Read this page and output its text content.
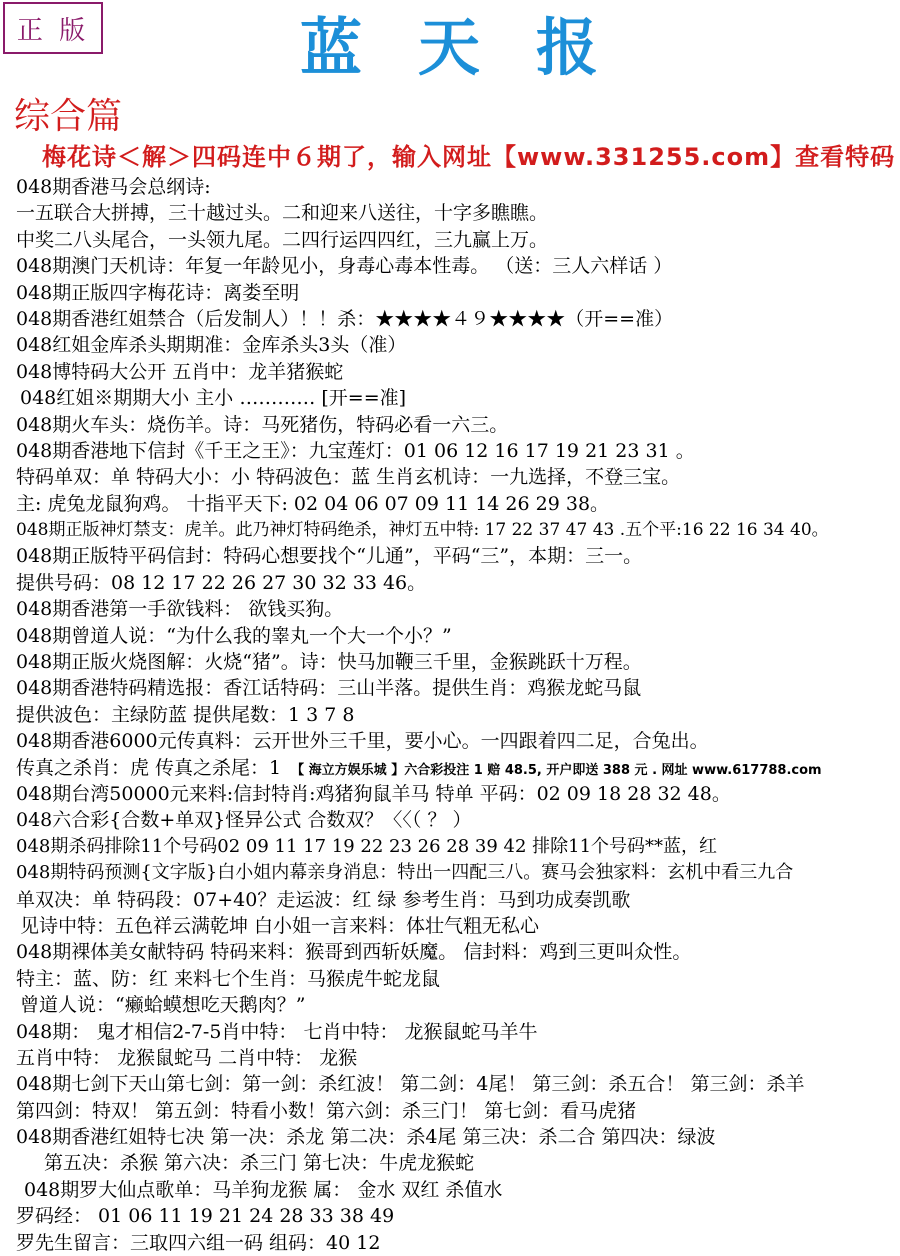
正 版	蓝天报
综合篇
梅花诗＜解＞四码连中６期了，输入网址【www.331255.com】查看特码
048期香港马会总纲诗:
一五联合大拼搏，三十越过头。二和迎来八送往，十字多瞧瞧。
中奖二八头尾合，一头领九尾。二四行运四四红，三九赢上万。
048期澳门天机诗：年复一年龄见小，身毒心毒本性毒。 （送：三人六样话 ）
048期正版四字梅花诗：离娄至明
048期香港红姐禁合（后发制人）！！杀：★★★★４９★★★★（开==准）
048红姐金库杀头期期准：金库杀头3头（准）
048博特码大公开 五肖中：龙羊猪猴蛇
048红姐※期期大小 主小 ………… [开==准]
048期火车头：烧伤羊。诗：马死猪伤，特码必看一六三。
048期香港地下信封《千王之王》：九宝莲灯：01 06 12 16 17 19 21 23 31 。
特码单双：单 特码大小：小 特码波色：蓝 生肖玄机诗：一九选择，不登三宝。
主: 虎兔龙鼠狗鸡。 十指平天下: 02 04 06 07 09 11 14 26 29 38。
048期正版神灯禁支：虎羊。此乃神灯特码绝杀，神灯五中特: 17 22 37 47 43 .五个平:16 22 16 34 40。
048期正版特平码信封：特码心想要找个“儿通”，平码“三”，本期：三一。
提供号码：08 12 17 22 26 27 30 32 33 46。
048期香港第一手欲钱料： 欲钱买狗。
048期曾道人说：“为什么我的睾丸一个大一个小？”
048期正版火烧图解：火烧“猪”。诗：快马加鞭三千里，金猴跳跃十万程。
048期香港特码精选报：香江话特码：三山半落。提供生肖：鸡猴龙蛇马鼠
提供波色：主绿防蓝 提供尾数：1 3 7 8
048期香港6000元传真料：云开世外三千里，要小心。一四跟着四二足，合兔出。
传真之杀肖：虎 传真之杀尾：1 【 海立方娱乐城 】六合彩投注 1 赔 48.5, 开户即送 388 元 . 网址 www.617788.com
048期台湾50000元来料:信封特肖:鸡猪狗鼠羊马 特单 平码：02 09 18 28 32 48。
048六合彩{合数+单双}怪异公式 合数双？〈〈（ ？ ）
048期杀码排除11个号码02 09 11 17 19 22 23 26 28 39 42 排除11个号码**蓝，红
048期特码预测{文字版}白小姐内幕亲身消息：特出一四配三八。赛马会独家料：玄机中看三九合
单双决：单 特码段：07+40？走运波：红 绿 参考生肖：马到功成奏凯歌
见诗中特：五色祥云满乾坤 白小姐一言来料：体壮气粗无私心
048期裸体美女献特码 特码来料：猴哥到西斩妖魔。 信封料：鸡到三更叫众性。
特主：蓝、防：红 来料七个生肖：马猴虎牛蛇龙鼠
曾道人说：“癞蛤蟆想吃天鹅肉？”
048期： 鬼才相信2-7-5肖中特： 七肖中特： 龙猴鼠蛇马羊牛
五肖中特： 龙猴鼠蛇马 二肖中特： 龙猴
048期七剑下天山第七剑：第一剑：杀红波！ 第二剑：4尾！ 第三剑：杀五合！ 第三剑：杀羊
第四剑：特双！ 第五剑：特看小数！第六剑：杀三门！ 第七剑：看马虎猪
048期香港红姐特七决 第一决：杀龙 第二决：杀4尾 第三决：杀二合 第四决：绿波
第五决：杀猴 第六决：杀三门 第七决：牛虎龙猴蛇
048期罗大仙点歌单：马羊狗龙猴 属： 金水 双红 杀值水
罗码经： 01 06 11 19 21 24 28 33 38 49
罗先生留言：三取四六组一码 组码：40 12
